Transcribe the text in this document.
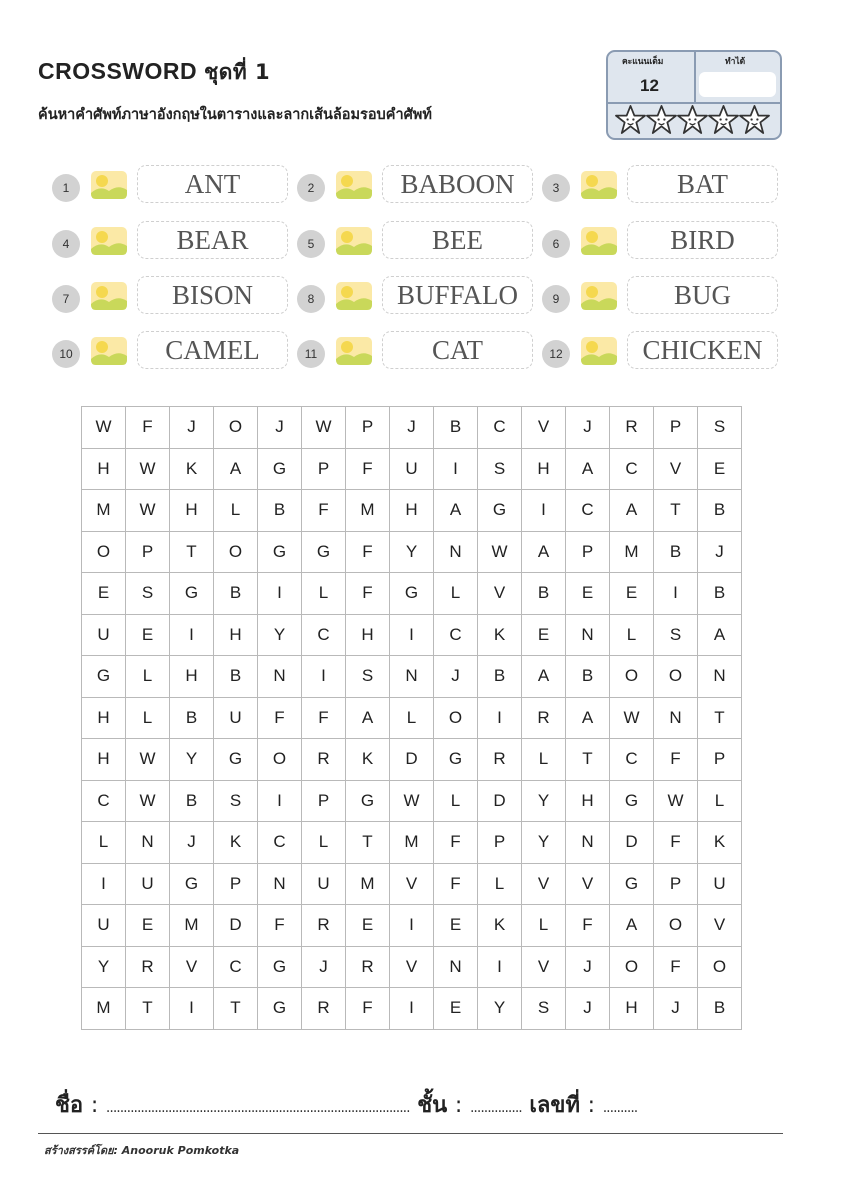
CROSSWORD ชุดที่ 1
ค้นหาคำศัพท์ภาษาอังกฤษในตารางและลากเส้นล้อมรอบคำศัพท์
คะแนนเต็ม	ทำได้
12
1	ANT	2	BABOON	3	BAT
4	BEAR	5	BEE	6	BIRD
7	BISON	8	BUFFALO	9	BUG
10	CAMEL	11	CAT	12	CHICKEN
W	F	J	O	J	W	P	J	B	C	V	J	R	P	S
H	W	K	A	G	P	F	U	I	S	H	A	C	V	E
M	W	H	L	B	F	M	H	A	G	I	C	A	T	B
O	P	T	O	G	G	F	Y	N	W	A	P	M	B	J
E	S	G	B	I	L	F	G	L	V	B	E	E	I	B
U	E	I	H	Y	C	H	I	C	K	E	N	L	S	A
G	L	H	B	N	I	S	N	J	B	A	B	O	O	N
H	L	B	U	F	F	A	L	O	I	R	A	W	N	T
H	W	Y	G	O	R	K	D	G	R	L	T	C	F	P
C	W	B	S	I	P	G	W	L	D	Y	H	G	W	L
L	N	J	K	C	L	T	M	F	P	Y	N	D	F	K
I	U	G	P	N	U	M	V	F	L	V	V	G	P	U
U	E	M	D	F	R	E	I	E	K	L	F	A	O	V
Y	R	V	C	G	J	R	V	N	I	V	J	O	F	O
M	T	I	T	G	R	F	I	E	Y	S	J	H	J	B
ชื่อ : ........................................................................................ ชั้น : ............... เลขที่ : ..........
สร้างสรรค์โดย: Anooruk Pomkotka
